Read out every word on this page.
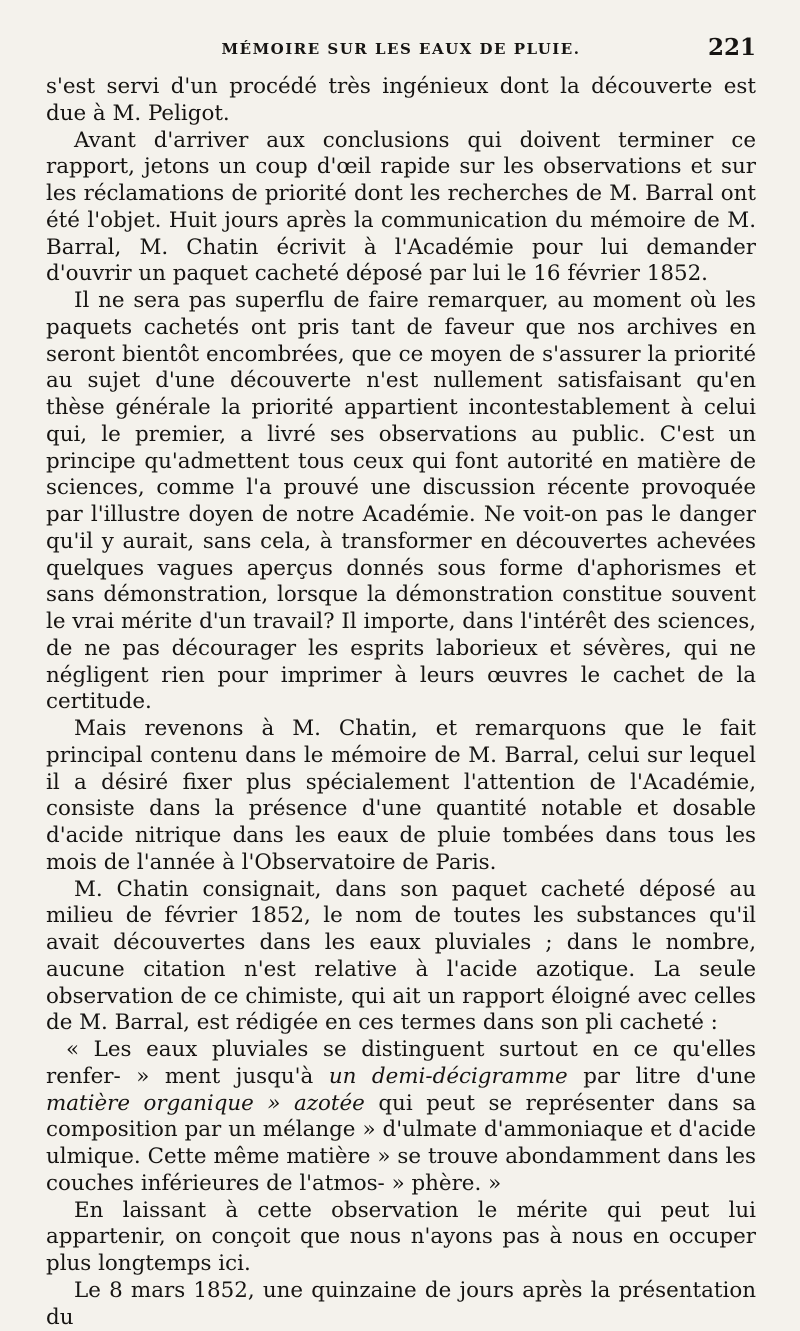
MÉMOIRE SUR LES EAUX DE PLUIE.	221

s'est servi d'un procédé très ingénieux dont la découverte est due à M. Peligot.

Avant d'arriver aux conclusions qui doivent terminer ce rapport, jetons un coup d'œil rapide sur les observations et sur les réclamations de priorité dont les recherches de M. Barral ont été l'objet. Huit jours après la communication du mémoire de M. Barral, M. Chatin écrivit à l'Académie pour lui demander d'ouvrir un paquet cacheté déposé par lui le 16 février 1852.

Il ne sera pas superflu de faire remarquer, au moment où les paquets cachetés ont pris tant de faveur que nos archives en seront bientôt encombrées, que ce moyen de s'assurer la priorité au sujet d'une découverte n'est nullement satisfaisant qu'en thèse générale la priorité appartient incontestablement à celui qui, le premier, a livré ses observations au public. C'est un principe qu'admettent tous ceux qui font autorité en matière de sciences, comme l'a prouvé une discussion récente provoquée par l'illustre doyen de notre Académie. Ne voit-on pas le danger qu'il y aurait, sans cela, à transformer en découvertes achevées quelques vagues aperçus donnés sous forme d'aphorismes et sans démonstration, lorsque la démonstration constitue souvent le vrai mérite d'un travail? Il importe, dans l'intérêt des sciences, de ne pas décourager les esprits laborieux et sévères, qui ne négligent rien pour imprimer à leurs œuvres le cachet de la certitude.

Mais revenons à M. Chatin, et remarquons que le fait principal contenu dans le mémoire de M. Barral, celui sur lequel il a désiré fixer plus spécialement l'attention de l'Académie, consiste dans la présence d'une quantité notable et dosable d'acide nitrique dans les eaux de pluie tombées dans tous les mois de l'année à l'Observatoire de Paris.

M. Chatin consignait, dans son paquet cacheté déposé au milieu de février 1852, le nom de toutes les substances qu'il avait découvertes dans les eaux pluviales ; dans le nombre, aucune citation n'est relative à l'acide azotique. La seule observation de ce chimiste, qui ait un rapport éloigné avec celles de M. Barral, est rédigée en ces termes dans son pli cacheté :

« Les eaux pluviales se distinguent surtout en ce qu'elles renfer- » ment jusqu'à un demi-décigramme par litre d'une matière organique » azotée qui peut se représenter dans sa composition par un mélange » d'ulmate d'ammoniaque et d'acide ulmique. Cette même matière » se trouve abondamment dans les couches inférieures de l'atmos- » phère. »

En laissant à cette observation le mérite qui peut lui appartenir, on conçoit que nous n'ayons pas à nous en occuper plus longtemps ici.

Le 8 mars 1852, une quinzaine de jours après la présentation du
